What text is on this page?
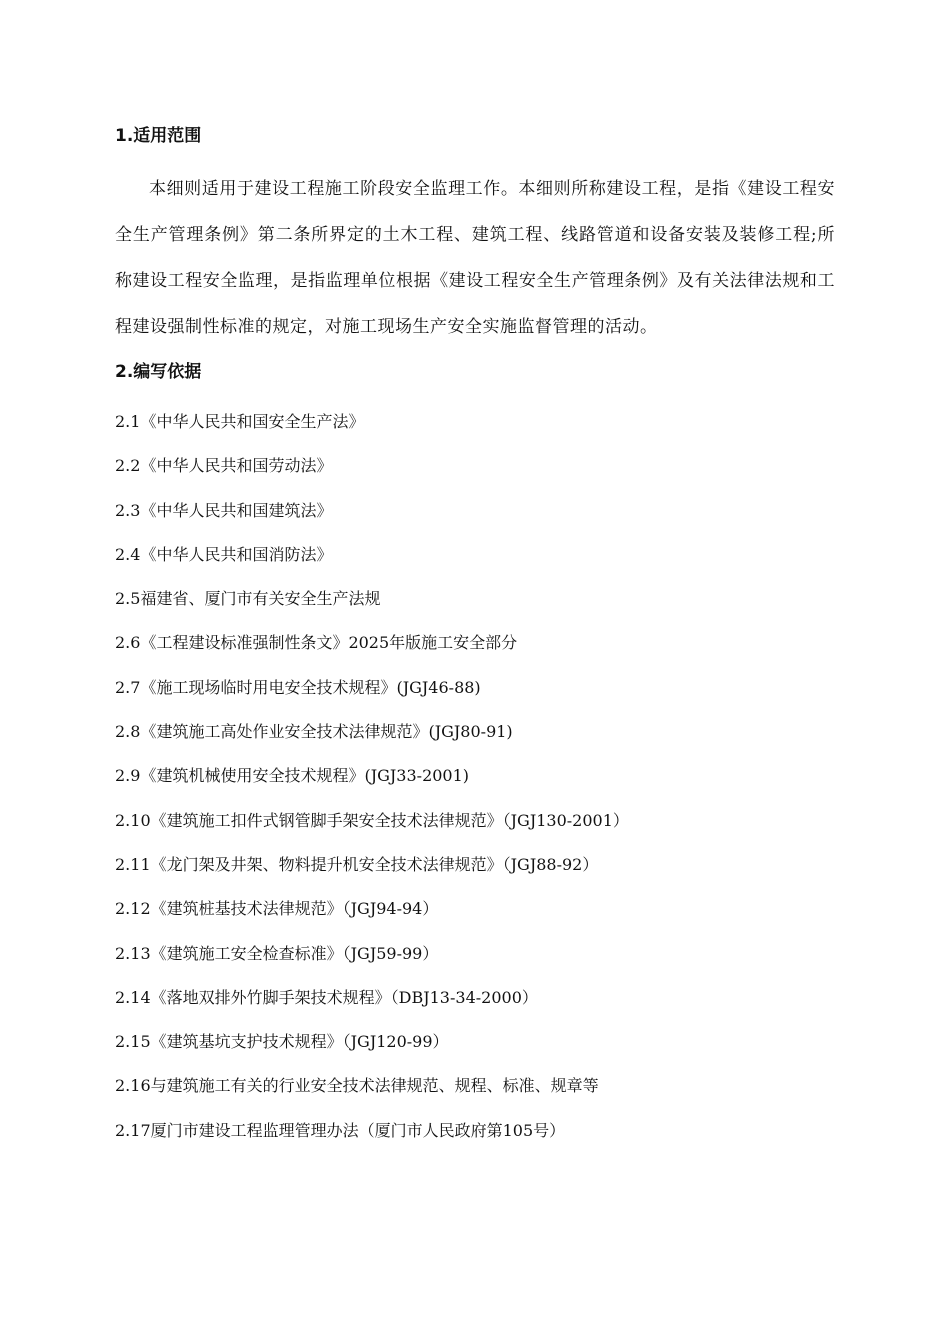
1.适用范围

本细则适用于建设工程施工阶段安全监理工作。本细则所称建设工程，是指《建设工程安全生产管理条例》第二条所界定的土木工程、建筑工程、线路管道和设备安装及装修工程;所称建设工程安全监理，是指监理单位根据《建设工程安全生产管理条例》及有关法律法规和工程建设强制性标准的规定，对施工现场生产安全实施监督管理的活动。

2.编写依据
2.1《中华人民共和国安全生产法》
2.2《中华人民共和国劳动法》
2.3《中华人民共和国建筑法》
2.4《中华人民共和国消防法》
2.5福建省、厦门市有关安全生产法规
2.6《工程建设标准强制性条文》2025年版施工安全部分
2.7《施工现场临时用电安全技术规程》(JGJ46-88)
2.8《建筑施工高处作业安全技术法律规范》(JGJ80-91)
2.9《建筑机械使用安全技术规程》(JGJ33-2001)
2.10《建筑施工扣件式钢管脚手架安全技术法律规范》（JGJ130-2001）
2.11《龙门架及井架、物料提升机安全技术法律规范》（JGJ88-92）
2.12《建筑桩基技术法律规范》（JGJ94-94）
2.13《建筑施工安全检查标准》（JGJ59-99）
2.14《落地双排外竹脚手架技术规程》（DBJ13-34-2000）
2.15《建筑基坑支护技术规程》（JGJ120-99）
2.16与建筑施工有关的行业安全技术法律规范、规程、标准、规章等
2.17厦门市建设工程监理管理办法（厦门市人民政府第105号）
